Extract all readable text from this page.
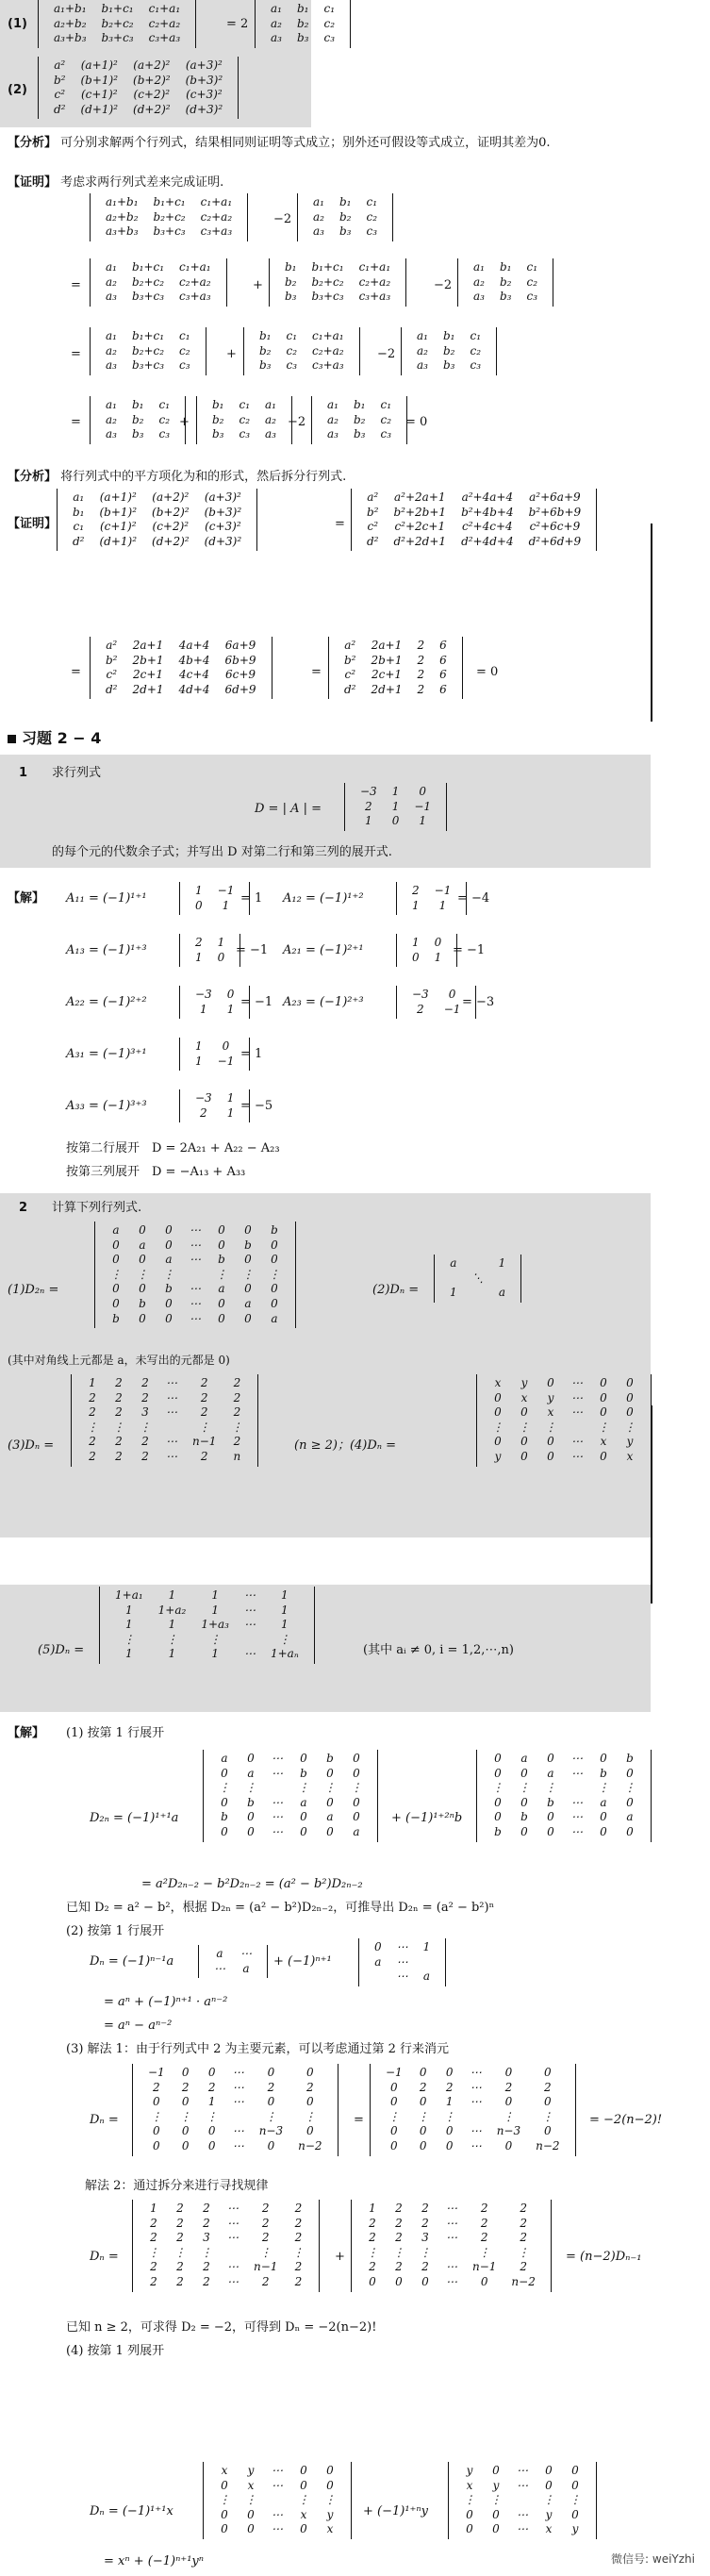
(1)
a₁+b₁	b₁+c₁	c₁+a₁
a₂+b₂	b₂+c₂	c₂+a₂
a₃+b₃	b₃+c₃	c₃+a₃
= 2
a₁	b₁	c₁
a₂	b₂	c₂
a₃	b₃	c₃
(2)
a²	(a+1)²	(a+2)²	(a+3)²
b²	(b+1)²	(b+2)²	(b+3)²
c²	(c+1)²	(c+2)²	(c+3)²
d²	(d+1)²	(d+2)²	(d+3)²
【分析】 可分别求解两个行列式，结果相同则证明等式成立；别外还可假设等式成立，证明其差为0.
【证明】 考虑求两行列式差来完成证明.
a₁+b₁	b₁+c₁	c₁+a₁
a₂+b₂	b₂+c₂	c₂+a₂
a₃+b₃	b₃+c₃	c₃+a₃
−2
a₁	b₁	c₁
a₂	b₂	c₂
a₃	b₃	c₃
=
a₁	b₁+c₁	c₁+a₁
a₂	b₂+c₂	c₂+a₂
a₃	b₃+c₃	c₃+a₃
+
b₁	b₁+c₁	c₁+a₁
b₂	b₂+c₂	c₂+a₂
b₃	b₃+c₃	c₃+a₃
−2
a₁	b₁	c₁
a₂	b₂	c₂
a₃	b₃	c₃
=
a₁	b₁+c₁	c₁
a₂	b₂+c₂	c₂
a₃	b₃+c₃	c₃
+
b₁	c₁	c₁+a₁
b₂	c₂	c₂+a₂
b₃	c₃	c₃+a₃
−2
a₁	b₁	c₁
a₂	b₂	c₂
a₃	b₃	c₃
=
a₁	b₁	c₁
a₂	b₂	c₂
a₃	b₃	c₃
+
b₁	c₁	a₁
b₂	c₂	a₂
b₃	c₃	a₃
−2
a₁	b₁	c₁
a₂	b₂	c₂
a₃	b₃	c₃
= 0
【分析】 将行列式中的平方项化为和的形式，然后拆分行列式.
【证明】
a₁	(a+1)²	(a+2)²	(a+3)²
b₁	(b+1)²	(b+2)²	(b+3)²
c₁	(c+1)²	(c+2)²	(c+3)²
d²	(d+1)²	(d+2)²	(d+3)²
=
a²	a²+2a+1	a²+4a+4	a²+6a+9
b²	b²+2b+1	b²+4b+4	b²+6b+9
c²	c²+2c+1	c²+4c+4	c²+6c+9
d²	d²+2d+1	d²+4d+4	d²+6d+9
=
a²	2a+1	4a+4	6a+9
b²	2b+1	4b+4	6b+9
c²	2c+1	4c+4	6c+9
d²	2d+1	4d+4	6d+9
=
a²	2a+1	2	6
b²	2b+1	2	6
c²	2c+1	2	6
d²	2d+1	2	6
= 0
习题 2 − 4
1 求行列式
D = | A | =
−3	1	0
2	1	−1
1	0	1
的每个元的代数余子式；并写出 D 对第二行和第三列的展开式.
【解】 A₁₁ = (−1)¹⁺¹
1	−1
0	1 = 1 A₁₂ = (−1)¹⁺²
2	−1
1	1 = −4
A₁₃ = (−1)¹⁺³
2	1
1	0 = −1 A₂₁ = (−1)²⁺¹
1	0
0	1 = −1
A₂₂ = (−1)²⁺²
−3	0
1	1 = −1 A₂₃ = (−1)²⁺³
−3	0
2	−1 = −3
A₃₁ = (−1)³⁺¹
1	0
1	−1 = 1
A₃₃ = (−1)³⁺³
−3	1
2	1 = −5
按第二行展开　D = 2A₂₁ + A₂₂ − A₂₃
按第三列展开　D = −A₁₃ + A₃₃
2 计算下列行列式.
(1)D₂ₙ =
a	0	0	⋯	0	0	b
0	a	0	⋯	0	b	0
0	0	a	⋯	b	0	0
⋮	⋮	⋮		⋮	⋮	⋮
0	0	b	⋯	a	0	0
0	b	0	⋯	0	a	0
b	0	0	⋯	0	0	a
(2)Dₙ =
a		1
	⋱	
1		a
(其中对角线上元都是 a，未写出的元都是 0)
(3)Dₙ =
1	2	2	⋯	2	2
2	2	2	⋯	2	2
2	2	3	⋯	2	2
⋮	⋮	⋮		⋮	⋮
2	2	2	⋯	n−1	2
2	2	2	⋯	2	n
(n ≥ 2)；(4)Dₙ =
x	y	0	⋯	0	0
0	x	y	⋯	0	0
0	0	x	⋯	0	0
⋮	⋮	⋮		⋮	⋮
0	0	0	⋯	x	y
y	0	0	⋯	0	x
(5)Dₙ =
1+a₁	1	1	⋯	1
1	1+a₂	1	⋯	1
1	1	1+a₃	⋯	1
⋮	⋮	⋮		⋮
1	1	1	⋯	1+aₙ	(其中 aᵢ ≠ 0, i = 1,2,⋯,n)
【解】 (1) 按第 1 行展开
D₂ₙ = (−1)¹⁺¹a
a	0	⋯	0	b	0
0	a	⋯	b	0	0
⋮	⋮		⋮	⋮	⋮
0	b	⋯	a	0	0
b	0	⋯	0	a	0
0	0	⋯	0	0	a
+ (−1)¹⁺²ⁿb
0	a	0	⋯	0	b
0	0	a	⋯	b	0
⋮	⋮	⋮		⋮	⋮
0	0	b	⋯	a	0
0	b	0	⋯	0	a
b	0	0	⋯	0	0
= a²D₂ₙ₋₂ − b²D₂ₙ₋₂ = (a² − b²)D₂ₙ₋₂
已知 D₂ = a² − b²，根据 D₂ₙ = (a² − b²)D₂ₙ₋₂，可推导出 D₂ₙ = (a² − b²)ⁿ
(2) 按第 1 行展开
Dₙ = (−1)ⁿ⁻¹a
a	⋯
⋯	a + (−1)ⁿ⁺¹
0	⋯	1
a	⋯	
	⋯	a
= aⁿ + (−1)ⁿ⁺¹ · aⁿ⁻²
= aⁿ − aⁿ⁻²
(3) 解法 1：由于行列式中 2 为主要元素，可以考虑通过第 2 行来消元
Dₙ =
−1	0	0	⋯	0	0
2	2	2	⋯	2	2
0	0	1	⋯	0	0
⋮	⋮	⋮		⋮	⋮
0	0	0	⋯	n−3	0
0	0	0	⋯	0	n−2
=
−1	0	0	⋯	0	0
0	2	2	⋯	2	2
0	0	1	⋯	0	0
⋮	⋮	⋮		⋮	⋮
0	0	0	⋯	n−3	0
0	0	0	⋯	0	n−2
= −2(n−2)!
解法 2：通过拆分来进行寻找规律
Dₙ =
1	2	2	⋯	2	2
2	2	2	⋯	2	2
2	2	3	⋯	2	2
⋮	⋮	⋮		⋮	⋮
2	2	2	⋯	n−1	2
2	2	2	⋯	2	2
+
1	2	2	⋯	2	2
2	2	2	⋯	2	2
2	2	3	⋯	2	2
⋮	⋮	⋮		⋮	⋮
2	2	2	⋯	n−1	2
0	0	0	⋯	0	n−2
= (n−2)Dₙ₋₁
已知 n ≥ 2，可求得 D₂ = −2，可得到 Dₙ = −2(n−2)!
(4) 按第 1 列展开
Dₙ = (−1)¹⁺¹x
x	y	⋯	0	0
0	x	⋯	0	0
⋮	⋮		⋮	⋮
0	0	⋯	x	y
0	0	⋯	0	x
+ (−1)¹⁺ⁿy
y	0	⋯	0	0
x	y	⋯	0	0
⋮	⋮		⋮	⋮
0	0	⋯	y	0
0	0	⋯	x	y
= xⁿ + (−1)ⁿ⁺¹yⁿ	微信号: weiYzhi
